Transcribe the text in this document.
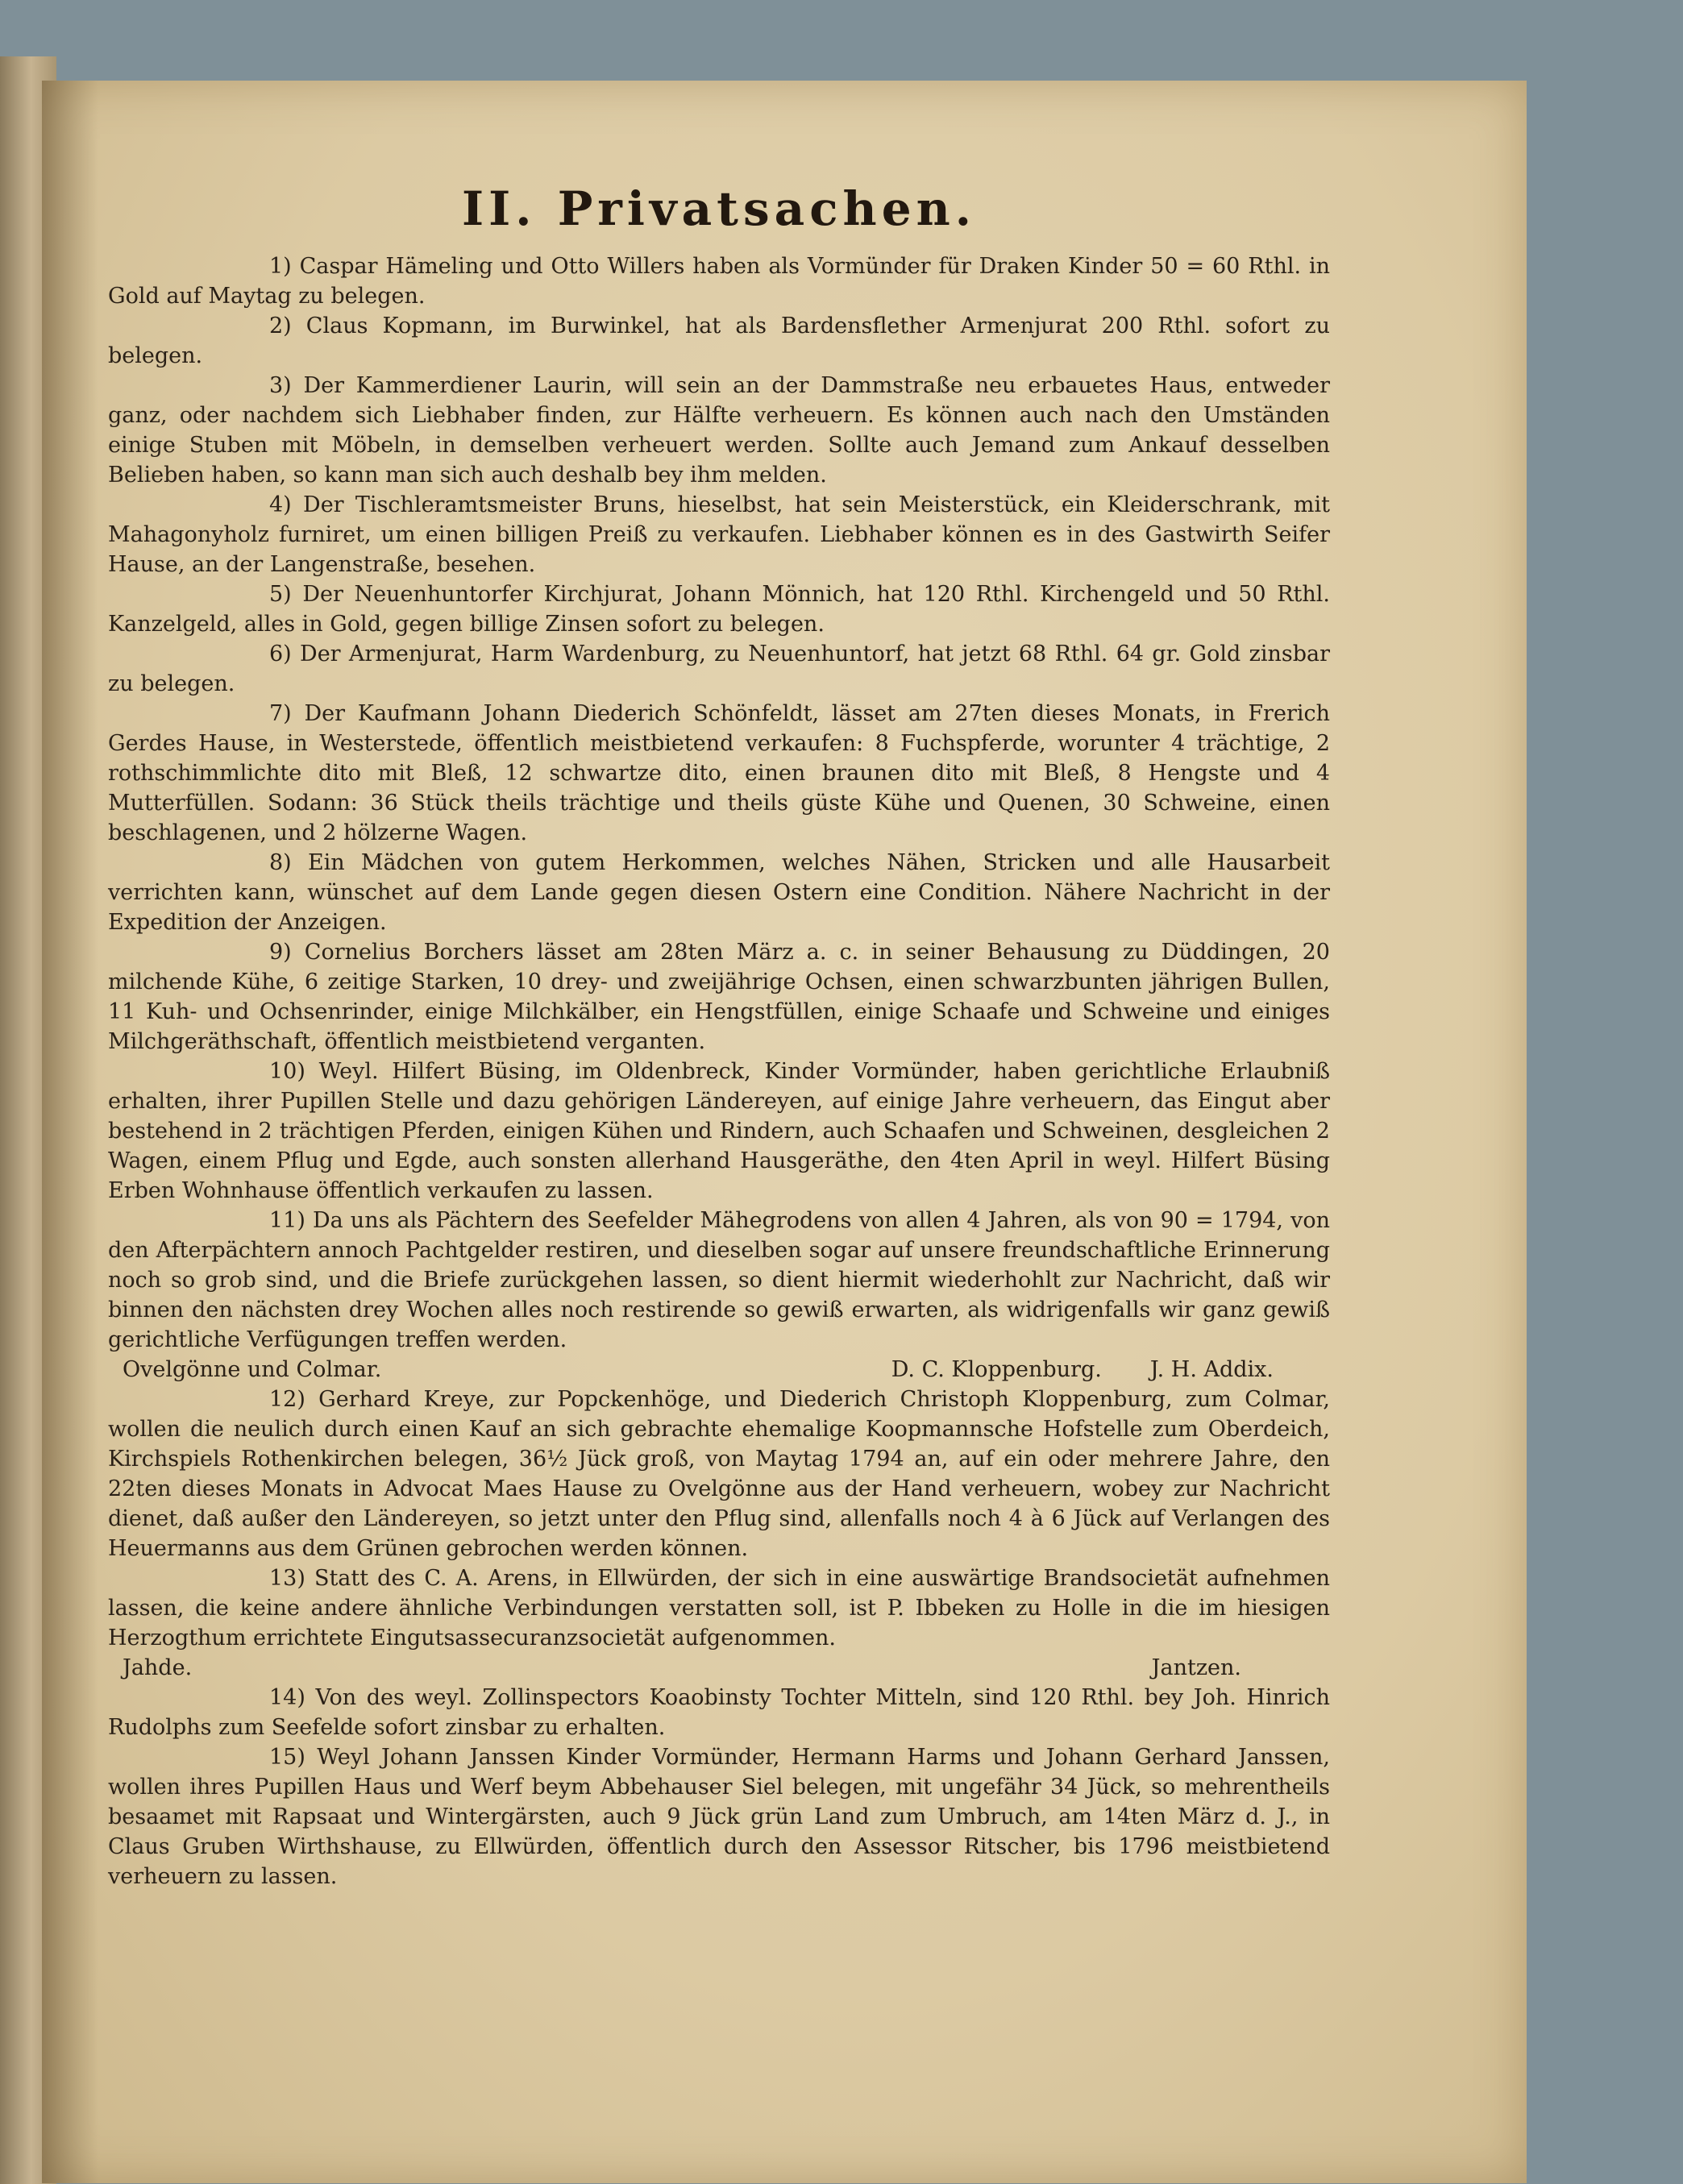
II. Privatsachen.

1) Caspar Hämeling und Otto Willers haben als Vormünder für Draken Kinder 50 = 60 Rthl. in Gold auf Maytag zu belegen.

2) Claus Kopmann, im Burwinkel, hat als Bardensflether Armenjurat 200 Rthl. sofort zu belegen.

3) Der Kammerdiener Laurin, will sein an der Dammstraße neu erbauetes Haus, entweder ganz, oder nachdem sich Liebhaber finden, zur Hälfte verheuern. Es können auch nach den Umständen einige Stuben mit Möbeln, in demselben verheuert werden. Sollte auch Jemand zum Ankauf desselben Belieben haben, so kann man sich auch deshalb bey ihm melden.

4) Der Tischleramtsmeister Bruns, hieselbst, hat sein Meisterstück, ein Kleiderschrank, mit Mahagonyholz furniret, um einen billigen Preiß zu verkaufen. Liebhaber können es in des Gastwirth Seifer Hause, an der Langenstraße, besehen.

5) Der Neuenhuntorfer Kirchjurat, Johann Mönnich, hat 120 Rthl. Kirchengeld und 50 Rthl. Kanzelgeld, alles in Gold, gegen billige Zinsen sofort zu belegen.

6) Der Armenjurat, Harm Wardenburg, zu Neuenhuntorf, hat jetzt 68 Rthl. 64 gr. Gold zinsbar zu belegen.

7) Der Kaufmann Johann Diederich Schönfeldt, lässet am 27ten dieses Monats, in Frerich Gerdes Hause, in Westerstede, öffentlich meistbietend verkaufen: 8 Fuchspferde, worunter 4 trächtige, 2 rothschimmlichte dito mit Bleß, 12 schwartze dito, einen braunen dito mit Bleß, 8 Hengste und 4 Mutterfüllen. Sodann: 36 Stück theils trächtige und theils güste Kühe und Quenen, 30 Schweine, einen beschlagenen, und 2 hölzerne Wagen.

8) Ein Mädchen von gutem Herkommen, welches Nähen, Stricken und alle Hausarbeit verrichten kann, wünschet auf dem Lande gegen diesen Ostern eine Condition. Nähere Nachricht in der Expedition der Anzeigen.

9) Cornelius Borchers lässet am 28ten März a. c. in seiner Behausung zu Düddingen, 20 milchende Kühe, 6 zeitige Starken, 10 drey- und zweijährige Ochsen, einen schwarzbunten jährigen Bullen, 11 Kuh- und Ochsenrinder, einige Milchkälber, ein Hengstfüllen, einige Schaafe und Schweine und einiges Milchgeräthschaft, öffentlich meistbietend verganten.

10) Weyl. Hilfert Büsing, im Oldenbreck, Kinder Vormünder, haben gerichtliche Erlaubniß erhalten, ihrer Pupillen Stelle und dazu gehörigen Ländereyen, auf einige Jahre verheuern, das Eingut aber bestehend in 2 trächtigen Pferden, einigen Kühen und Rindern, auch Schaafen und Schweinen, desgleichen 2 Wagen, einem Pflug und Egde, auch sonsten allerhand Hausgeräthe, den 4ten April in weyl. Hilfert Büsing Erben Wohnhause öffentlich verkaufen zu lassen.

11) Da uns als Pächtern des Seefelder Mähegrodens von allen 4 Jahren, als von 90 = 1794, von den Afterpächtern annoch Pachtgelder restiren, und dieselben sogar auf unsere freundschaftliche Erinnerung noch so grob sind, und die Briefe zurückgehen lassen, so dient hiermit wiederhohlt zur Nachricht, daß wir binnen den nächsten drey Wochen alles noch restirende so gewiß erwarten, als widrigenfalls wir ganz gewiß gerichtliche Verfügungen treffen werden.

Ovelgönne und Colmar.	D. C. Kloppenburg. J. H. Addix.

12) Gerhard Kreye, zur Popckenhöge, und Diederich Christoph Kloppenburg, zum Colmar, wollen die neulich durch einen Kauf an sich gebrachte ehemalige Koopmannsche Hofstelle zum Oberdeich, Kirchspiels Rothenkirchen belegen, 36½ Jück groß, von Maytag 1794 an, auf ein oder mehrere Jahre, den 22ten dieses Monats in Advocat Maes Hause zu Ovelgönne aus der Hand verheuern, wobey zur Nachricht dienet, daß außer den Ländereyen, so jetzt unter den Pflug sind, allenfalls noch 4 à 6 Jück auf Verlangen des Heuermanns aus dem Grünen gebrochen werden können.

13) Statt des C. A. Arens, in Ellwürden, der sich in eine auswärtige Brandsocietät aufnehmen lassen, die keine andere ähnliche Verbindungen verstatten soll, ist P. Ibbeken zu Holle in die im hiesigen Herzogthum errichtete Eingutsassecuranzsocietät aufgenommen.

Jahde.	Jantzen.

14) Von des weyl. Zollinspectors Koaobinsty Tochter Mitteln, sind 120 Rthl. bey Joh. Hinrich Rudolphs zum Seefelde sofort zinsbar zu erhalten.

15) Weyl Johann Janssen Kinder Vormünder, Hermann Harms und Johann Gerhard Janssen, wollen ihres Pupillen Haus und Werf beym Abbehauser Siel belegen, mit ungefähr 34 Jück, so mehrentheils besaamet mit Rapsaat und Wintergärsten, auch 9 Jück grün Land zum Umbruch, am 14ten März d. J., in Claus Gruben Wirthshause, zu Ellwürden, öffentlich durch den Assessor Ritscher, bis 1796 meistbietend verheuern zu lassen.
